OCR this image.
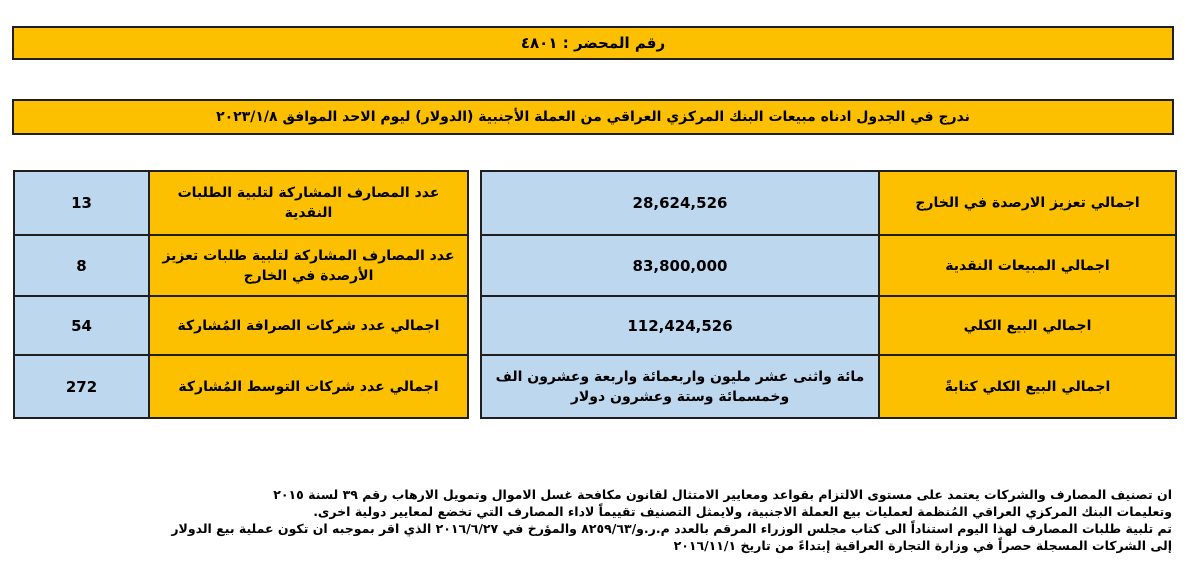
رقم المحضر : ٤٨٠١
ندرج في الجدول ادناه مبيعات البنك المركزي العراقي من العملة الأجنبية (الدولار) ليوم الاحد الموافق ٢٠٢٣/١/٨
28,624,526	اجمالي تعزيز الارصدة في الخارج
83,800,000	اجمالي المبيعات النقدية
112,424,526	اجمالي البيع الكلي
مائة واثنى عشر مليون واربعمائة واربعة وعشرون الف وخمسمائة وستة وعشرون دولار	اجمالي البيع الكلي كتابةً
13	عدد المصارف المشاركة لتلبية الطلبات النقدية
8	عدد المصارف المشاركة لتلبية طلبات تعزيز الأرصدة في الخارج
54	اجمالي عدد شركات الصرافة المُشاركة
272	اجمالي عدد شركات التوسط المُشاركة
ان تصنيف المصارف والشركات يعتمد على مستوى الالتزام بقواعد ومعايير الامتثال لقانون مكافحة غسل الاموال وتمويل الارهاب رقم ٣٩ لسنة ٢٠١٥
وتعليمات البنك المركزي العراقي المُنظمة لعمليات بيع العملة الاجنبية، ولايمثل التصنيف تقييماً لاداء المصارف التي تخضع لمعايير دولية اخرى.
تم تلبية طلبات المصارف لهذا اليوم استناداً الى كتاب مجلس الوزراء المرقم بالعدد م.ر.و/٨٢٥٩/٦٣ والمؤرخ في ٢٠١٦/٦/٢٧ الذي اقر بموجبه ان تكون عملية بيع الدولار
إلى الشركات المسجلة حصراً في وزارة التجارة العراقية إبتداءً من تاريخ ٢٠١٦/١١/١
